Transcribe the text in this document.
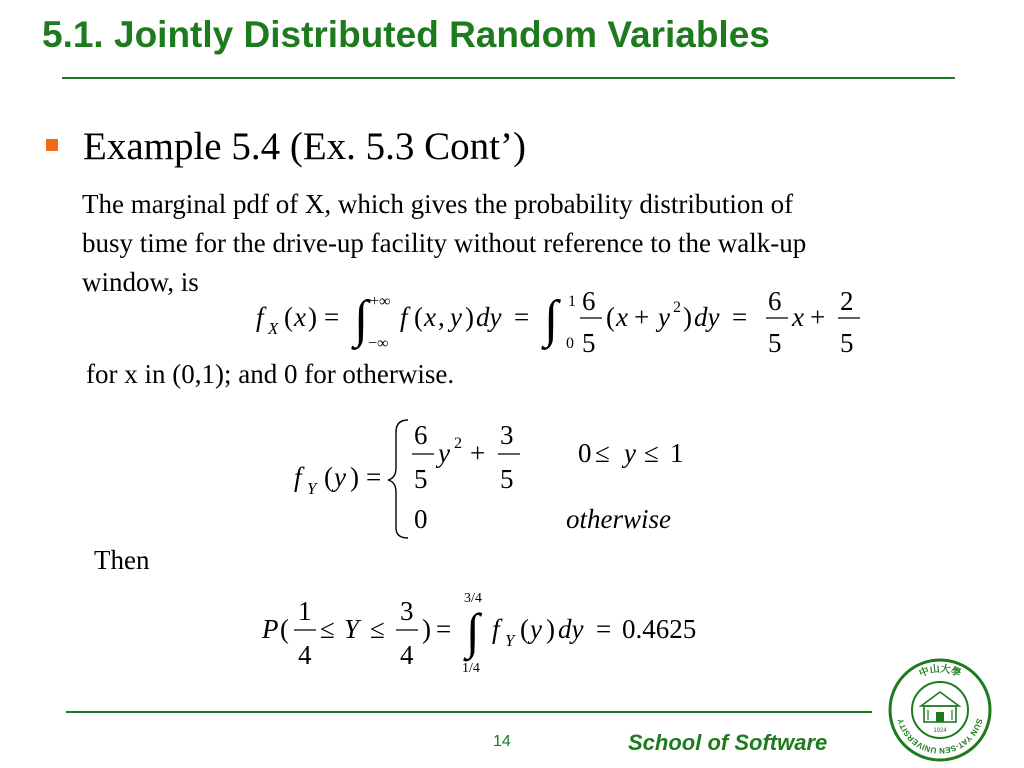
5.1. Jointly Distributed Random Variables
Example 5.4 (Ex. 5.3 Cont’)
The marginal pdf of X, which gives the probability distribution of
busy time for the drive-up facility without reference to the walk-up
window, is
f X ( x ) = ∫ +∞
−∞
f ( x , y ) dy = ∫ 1
0
6
5
( x + y 2 ) dy =
6
5
x +
2
5
for x in (0,1); and 0 for otherwise.
f Y ( y ) =
6
5
y 2 +
3
5
0 ≤ y ≤ 1
0	otherwise
Then
P (
1
4
≤ Y ≤
3
4
) =
3/4
∫
1/4
f Y ( y ) dy = 0.4625
14	School of Software
中山大學
SUN YAT-SEN UNIVERSITY
1924
